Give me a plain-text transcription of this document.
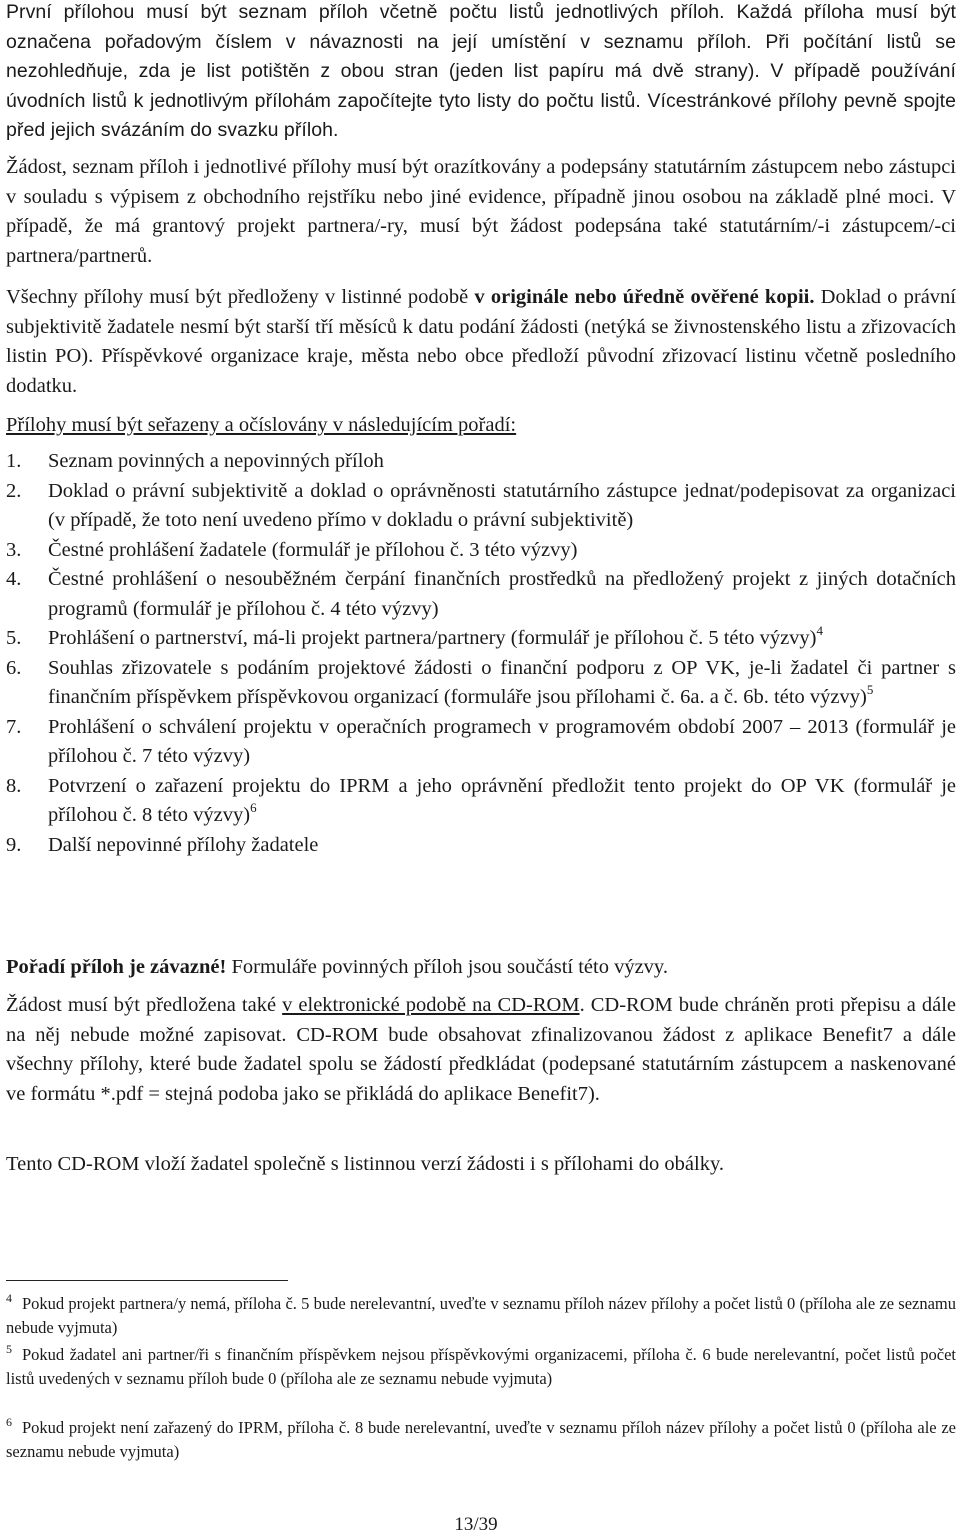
První přílohou musí být seznam příloh včetně počtu listů jednotlivých příloh. Každá příloha musí být označena pořadovým číslem v návaznosti na její umístění v seznamu příloh. Při počítání listů se nezohledňuje, zda je list potištěn z obou stran (jeden list papíru má dvě strany). V případě používání úvodních listů k jednotlivým přílohám započítejte tyto listy do počtu listů. Vícestránkové přílohy pevně spojte před jejich svázáním do svazku příloh.

Žádost, seznam příloh i jednotlivé přílohy musí být orazítkovány a podepsány statutárním zástupcem nebo zástupci v souladu s výpisem z obchodního rejstříku nebo jiné evidence, případně jinou osobou na základě plné moci. V případě, že má grantový projekt partnera/-ry, musí být žádost podepsána také statutárním/-i zástupcem/-ci partnera/partnerů.

Všechny přílohy musí být předloženy v listinné podobě v originále nebo úředně ověřené kopii. Doklad o právní subjektivitě žadatele nesmí být starší tří měsíců k datu podání žádosti (netýká se živnostenského listu a zřizovacích listin PO). Příspěvkové organizace kraje, města nebo obce předloží původní zřizovací listinu včetně posledního dodatku.

Přílohy musí být seřazeny a očíslovány v následujícím pořadí:

1. Seznam povinných a nepovinných příloh
2. Doklad o právní subjektivitě a doklad o oprávněnosti statutárního zástupce jednat/podepisovat za organizaci (v případě, že toto není uvedeno přímo v dokladu o právní subjektivitě)
3. Čestné prohlášení žadatele (formulář je přílohou č. 3 této výzvy)
4. Čestné prohlášení o nesouběžném čerpání finančních prostředků na předložený projekt z jiných dotačních programů (formulář je přílohou č. 4 této výzvy)
5. Prohlášení o partnerství, má-li projekt partnera/partnery (formulář je přílohou č. 5 této výzvy)$^4$
6. Souhlas zřizovatele s podáním projektové žádosti o finanční podporu z OP VK, je-li žadatel či partner s finančním příspěvkem příspěvkovou organizací (formuláře jsou přílohami č. 6a. a č. 6b. této výzvy)$^5$
7. Prohlášení o schválení projektu v operačních programech v programovém období 2007 – 2013 (formulář je přílohou č. 7 této výzvy)
8. Potvrzení o zařazení projektu do IPRM a jeho oprávnění předložit tento projekt do OP VK (formulář je přílohou č. 8 této výzvy)$^6$
9. Další nepovinné přílohy žadatele

Pořadí příloh je závazné! Formuláře povinných příloh jsou součástí této výzvy.

Žádost musí být předložena také v elektronické podobě na CD-ROM. CD-ROM bude chráněn proti přepisu a dále na něj nebude možné zapisovat. CD-ROM bude obsahovat zfinalizovanou žádost z aplikace Benefit7 a dále všechny přílohy, které bude žadatel spolu se žádostí předkládat (podepsané statutárním zástupcem a naskenované ve formátu *.pdf = stejná podoba jako se přikládá do aplikace Benefit7).

Tento CD-ROM vloží žadatel společně s listinnou verzí žádosti i s přílohami do obálky.

$^4$ Pokud projekt partnera/y nemá, příloha č. 5 bude nerelevantní, uveďte v seznamu příloh název přílohy a počet listů 0 (příloha ale ze seznamu nebude vyjmuta)
$^5$ Pokud žadatel ani partner/ři s finančním příspěvkem nejsou příspěvkovými organizacemi, příloha č. 6 bude nerelevantní, počet listů počet listů uvedených v seznamu příloh bude 0 (příloha ale ze seznamu nebude vyjmuta)
$^6$ Pokud projekt není zařazený do IPRM, příloha č. 8 bude nerelevantní, uveďte v seznamu příloh název přílohy a počet listů 0 (příloha ale ze seznamu nebude vyjmuta)
13/39
